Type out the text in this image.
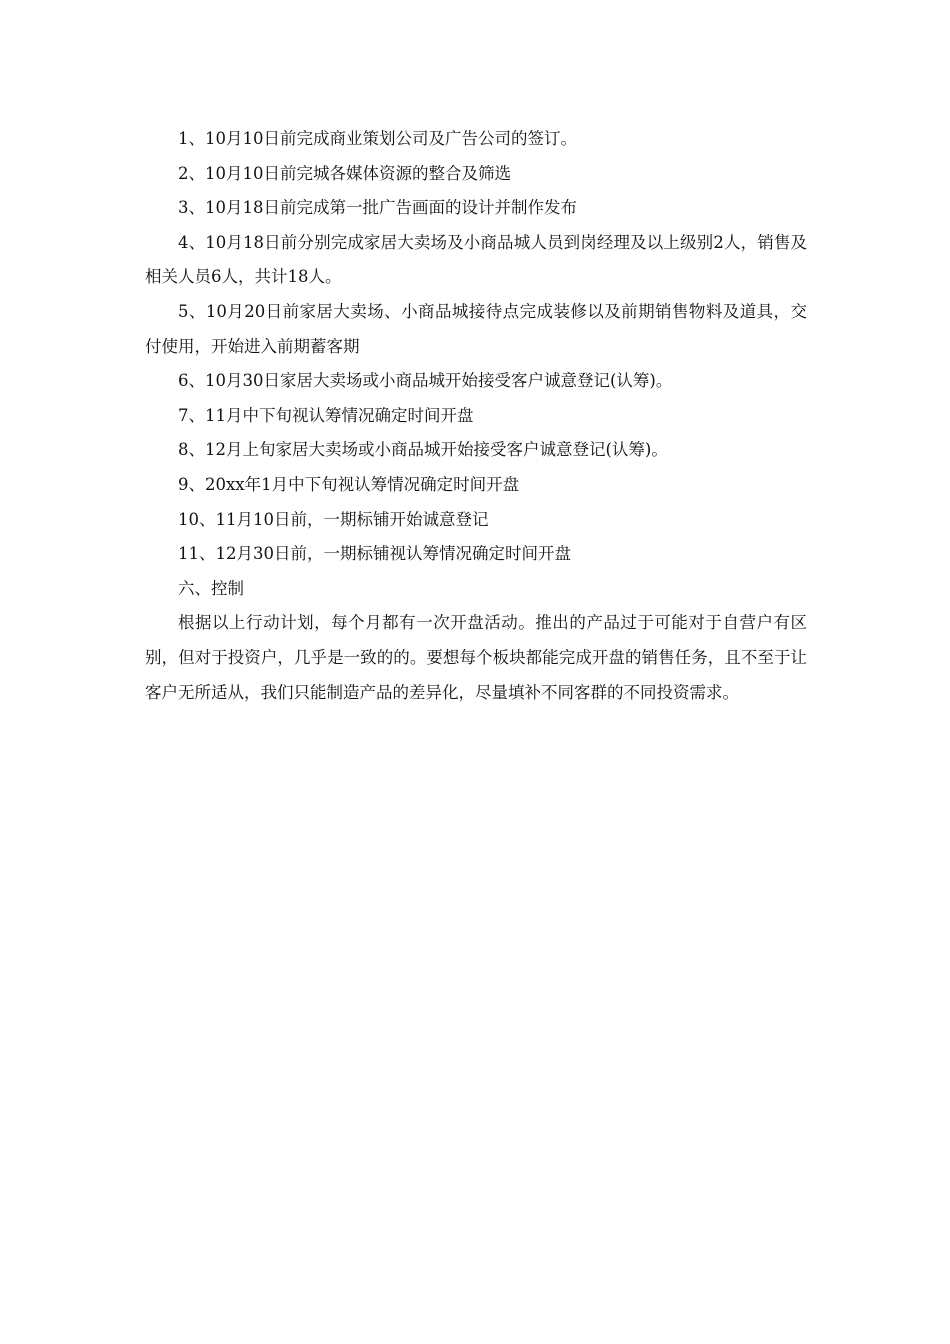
1、10月10日前完成商业策划公司及广告公司的签订。

2、10月10日前完城各媒体资源的整合及筛选

3、10月18日前完成第一批广告画面的设计并制作发布

4、10月18日前分别完成家居大卖场及小商品城人员到岗经理及以上级别2人，销售及相关人员6人，共计18人。

5、10月20日前家居大卖场、小商品城接待点完成装修以及前期销售物料及道具，交付使用，开始进入前期蓄客期

6、10月30日家居大卖场或小商品城开始接受客户诚意登记(认筹)。

7、11月中下旬视认筹情况确定时间开盘

8、12月上旬家居大卖场或小商品城开始接受客户诚意登记(认筹)。

9、20xx年1月中下旬视认筹情况确定时间开盘

10、11月10日前，一期标铺开始诚意登记

11、12月30日前，一期标铺视认筹情况确定时间开盘

六、控制

根据以上行动计划，每个月都有一次开盘活动。推出的产品过于可能对于自营户有区别，但对于投资户，几乎是一致的的。要想每个板块都能完成开盘的销售任务，且不至于让客户无所适从，我们只能制造产品的差异化，尽量填补不同客群的不同投资需求。
